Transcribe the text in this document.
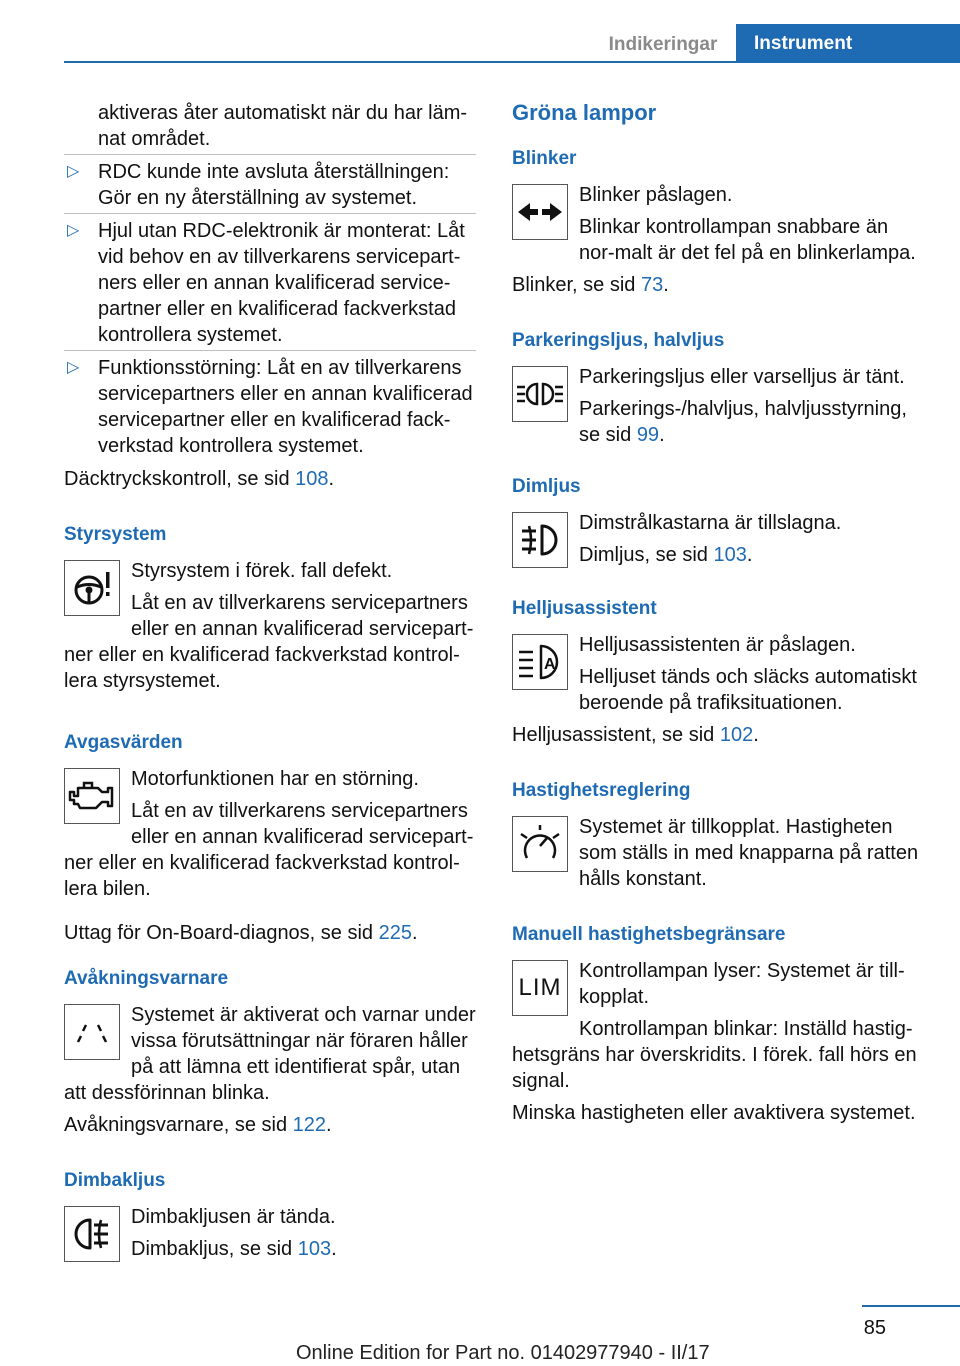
Indikeringar	Instrument

aktiveras åter automatiskt när du har läm-nat området.

▷ RDC kunde inte avsluta återställningen: Gör en ny återställning av systemet.
▷ Hjul utan RDC-elektronik är monterat: Låt vid behov en av tillverkarens servicepart-ners eller en annan kvalificerad service-partner eller en kvalificerad fackverkstad kontrollera systemet.
▷ Funktionsstörning: Låt en av tillverkarens servicepartners eller en annan kvalificerad servicepartner eller en kvalificerad fack-verkstad kontrollera systemet.

Däcktryckskontroll, se sid 108.

Styrsystem

Styrsystem i förek. fall defekt.

Låt en av tillverkarens servicepartners eller en annan kvalificerad servicepart-ner eller en kvalificerad fackverkstad kontrol-lera styrsystemet.

Avgasvärden

Motorfunktionen har en störning.

Låt en av tillverkarens servicepartners eller en annan kvalificerad servicepart-ner eller en kvalificerad fackverkstad kontrol-lera bilen.

Uttag för On-Board-diagnos, se sid 225.

Avåkningsvarnare

Systemet är aktiverat och varnar under vissa förutsättningar när föraren håller på att lämna ett identifierat spår, utan att dessförinnan blinka.

Avåkningsvarnare, se sid 122.

Dimbakljus

Dimbakljusen är tända.

Dimbakljus, se sid 103.

Gröna lampor
Blinker

Blinker påslagen.

Blinkar kontrollampan snabbare än nor-malt är det fel på en blinkerlampa.

Blinker, se sid 73.

Parkeringsljus, halvljus

Parkeringsljus eller varselljus är tänt.

Parkerings-/halvljus, halvljusstyrning, se sid 99.

Dimljus

Dimstrålkastarna är tillslagna.

Dimljus, se sid 103.

Helljusassistent
A

Helljusassistenten är påslagen.

Helljuset tänds och släcks automatiskt beroende på trafiksituationen.

Helljusassistent, se sid 102.

Hastighetsreglering

Systemet är tillkopplat. Hastigheten som ställs in med knapparna på ratten hålls konstant.

Manuell hastighetsbegränsare
LIM

Kontrollampan lyser: Systemet är till-kopplat.

Kontrollampan blinkar: Inställd hastig-hetsgräns har överskridits. I förek. fall hörs en signal.

Minska hastigheten eller avaktivera systemet.

85
Online Edition for Part no. 01402977940 - II/17
